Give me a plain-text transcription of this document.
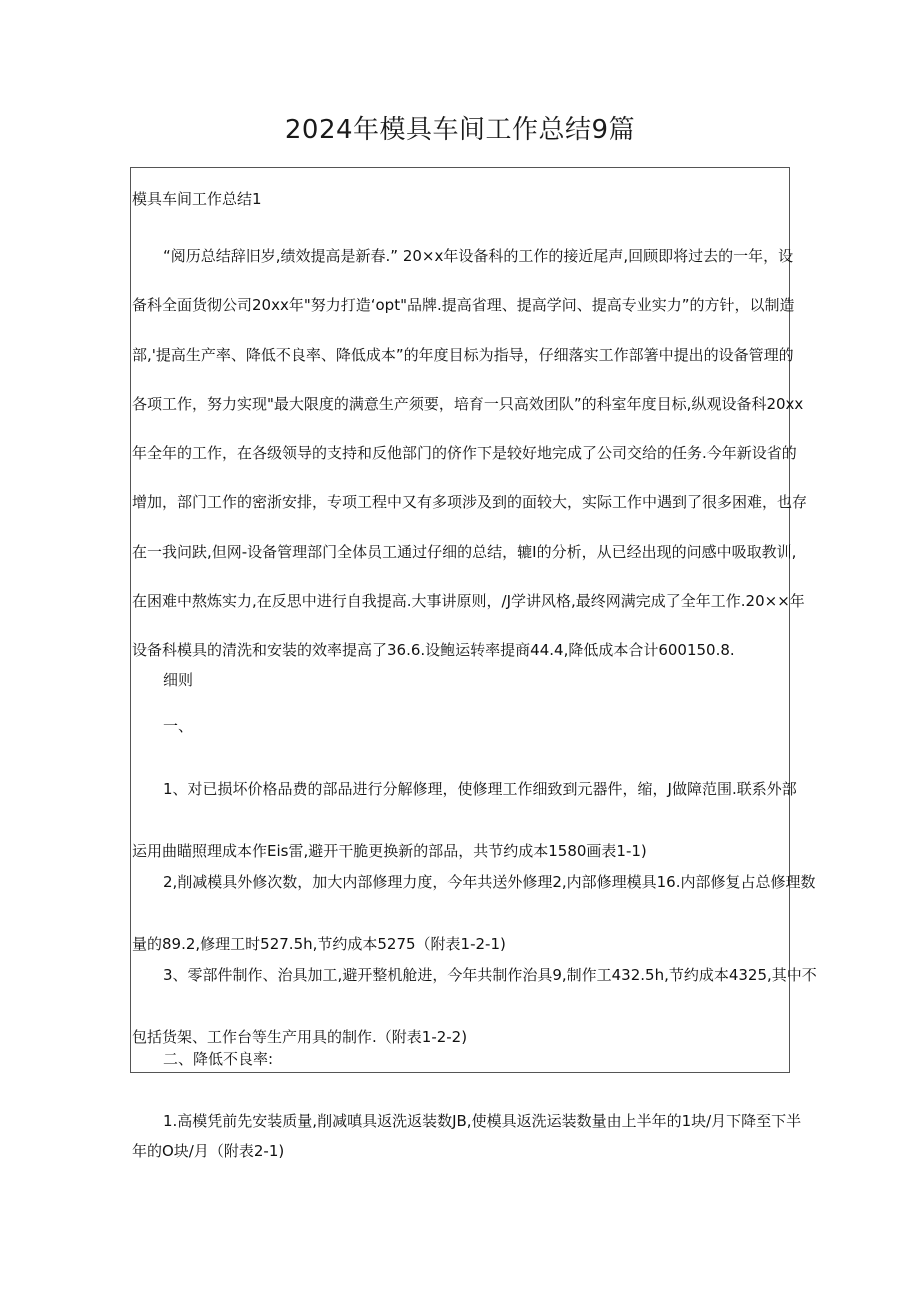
2024年模具车间工作总结9篇
模具车间工作总结1
“阅历总结辞旧岁,绩效提高是新春.” 20×x年设备科的工作的接近尾声,回顾即将过去的一年，设
备科全面货彻公司20xx年"努力打造‘opt"品牌.提高省理、提高学问、提高专业实力”的方针，以制造
部,'提高生产率、降低不良率、降低成本”的年度目标为指导，仔细落实工作部箸中提出的设备管理的
各项工作，努力实现"最大限度的满意生产须要，培育一只高效团队”的科室年度目标,纵观设备科20xx
年全年的工作，在各级领导的支持和反他部门的侪作下是较好地完成了公司交给的任务.今年新设省的
增加，部门工作的密浙安排，专项工程中又有多项涉及到的面较大，实际工作中遇到了很多困难，也存
在一我问趺,但网-设备管理部门全体员工通过仔细的总结，辘I的分析，从已经出现的问感中吸取教训,
在困难中熬炼实力,在反思中进行自我提高.大事讲原则，/J学讲风格,最终网满完成了全年工作.20××年
设备科模具的清洗和安装的效率提高了36.6.设鲍运转率提商44.4,降低成本合计600150.8.
细则
一、
1、对已损坏价格品费的部品进行分解修理，使修理工作细致到元器件，缩，J做障范围.联系外部
运用曲瞄照理成本作Eis雷,避开干脆更换新的部品，共节约成本1580画表1-1)
2,削减模具外修次数，加大内部修理力度，今年共送外修理2,内部修理模具16.内部修复占总修理数
量的89.2,修理工时527.5h,节约成本5275（附表1-2-1)
3、零部件制作、治具加工,避开整机舱进，今年共制作治具9,制作工432.5h,节约成本4325,其中不
包括货架、工作台等生产用具的制作.（附表1-2-2)
二、降低不良率:
1.高模凭前先安装质量,削减嗔具返洗返装数JB,使模具返洗运装数量由上半年的1块/月下降至下半
年的O块/月（附表2-1)
